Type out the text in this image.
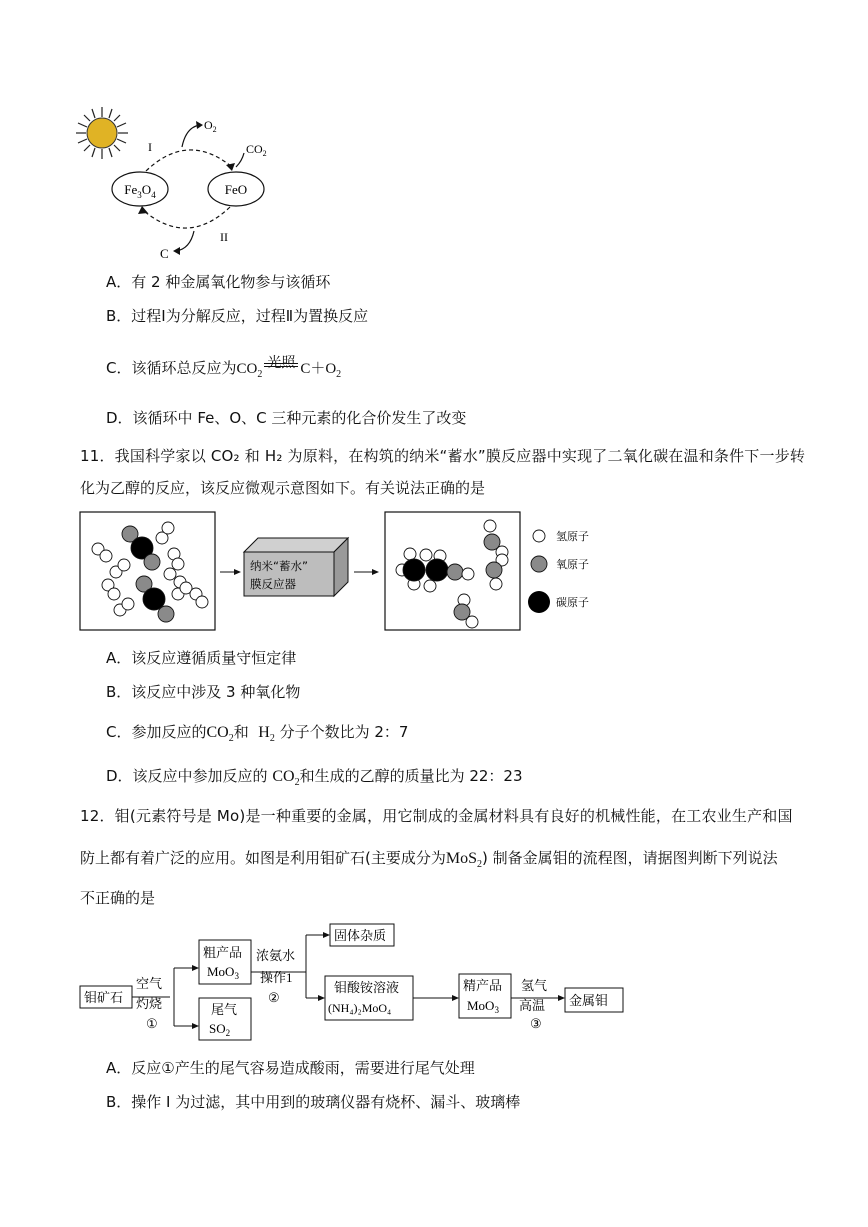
$Fe_3O_4$	FeO
$O_2$
$CO_2$
C
I
II
A．有 2 种金属氧化物参与该循环
B．过程Ⅰ为分解反应，过程Ⅱ为置换反应
C．该循环总反应为$CO_2$
光照 $C+O_2$
D．该循环中 Fe、O、C 三种元素的化合价发生了改变
11．我国科学家以 CO₂ 和 H₂ 为原料，在构筑的纳米“蓄水”膜反应器中实现了二氧化碳在温和条件下一步转
化为乙醇的反应，该反应微观示意图如下。有关说法正确的是
纳米“蓄水”
膜反应器
氢原子
氧原子
碳原子
A．该反应遵循质量守恒定律
B．该反应中涉及 3 种氧化物
C．参加反应的$CO_2$和 $H_2$ 分子个数比为 2：7
D．该反应中参加反应的 $CO_2$和生成的乙醇的质量比为 22：23
12．钼(元素符号是 Mo)是一种重要的金属，用它制成的金属材料具有良好的机械性能，在工农业生产和国
防上都有着广泛的应用。如图是利用钼矿石(主要成分为MoS$_2$) 制备金属钼的流程图，请据图判断下列说法
不正确的是
钼矿石
空气
灼烧
①
粗产品
MoO$_3$
尾气
$SO_2$
浓氨水
操作1
②
固体杂质
钼酸铵溶液
(NH₄)₂MoO₄
精产品
MoO$_3$
氢气
高温
③
金属钼
A．反应①产生的尾气容易造成酸雨，需要进行尾气处理
B．操作 I 为过滤，其中用到的玻璃仪器有烧杯、漏斗、玻璃棒
